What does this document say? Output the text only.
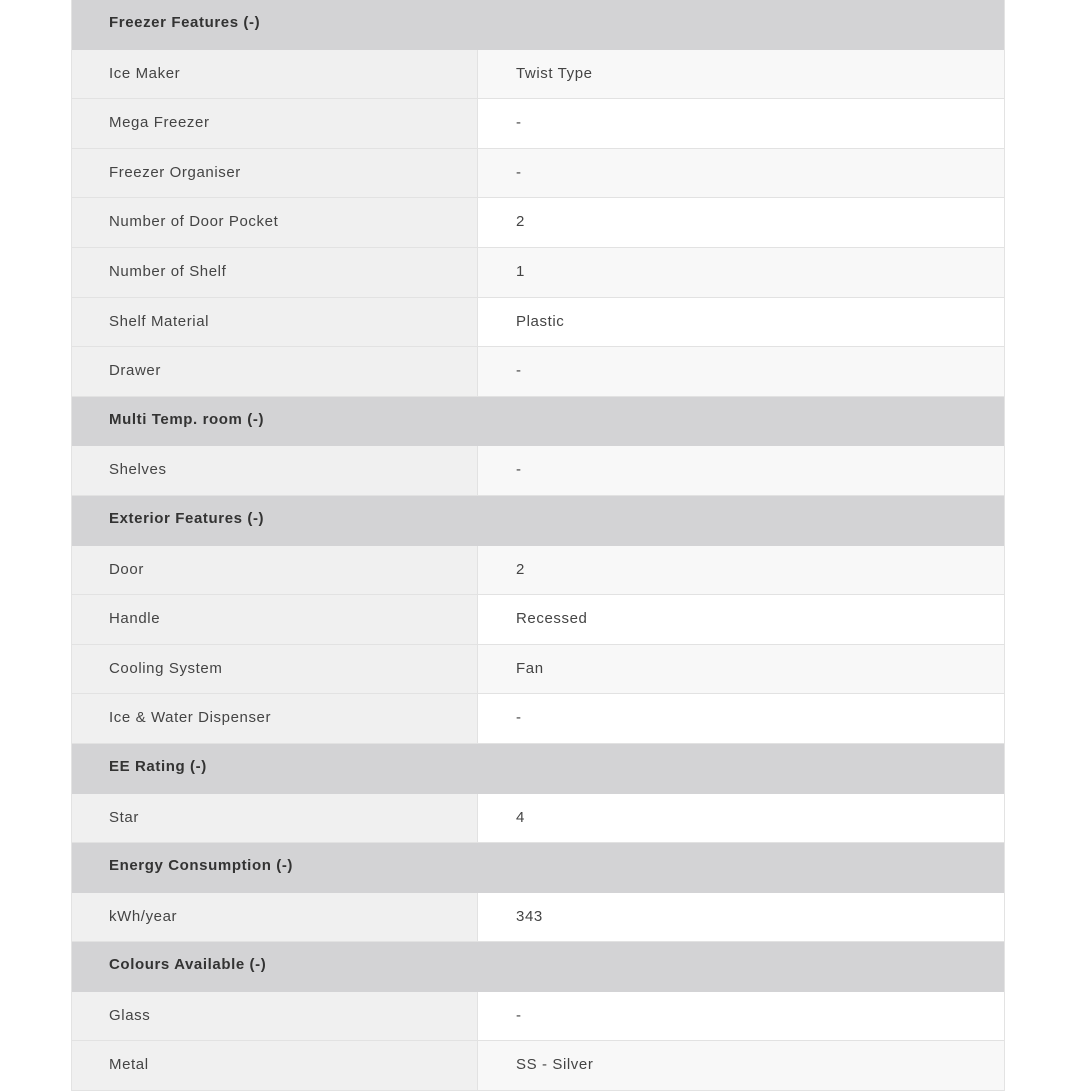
Freezer Features (-)
Ice Maker	Twist Type
Mega Freezer	-
Freezer Organiser	-
Number of Door Pocket	2
Number of Shelf	1
Shelf Material	Plastic
Drawer	-
Multi Temp. room (-)
Shelves	-
Exterior Features (-)
Door	2
Handle	Recessed
Cooling System	Fan
Ice & Water Dispenser	-
EE Rating (-)
Star	4
Energy Consumption (-)
kWh/year	343
Colours Available (-)
Glass	-
Metal	SS - Silver
